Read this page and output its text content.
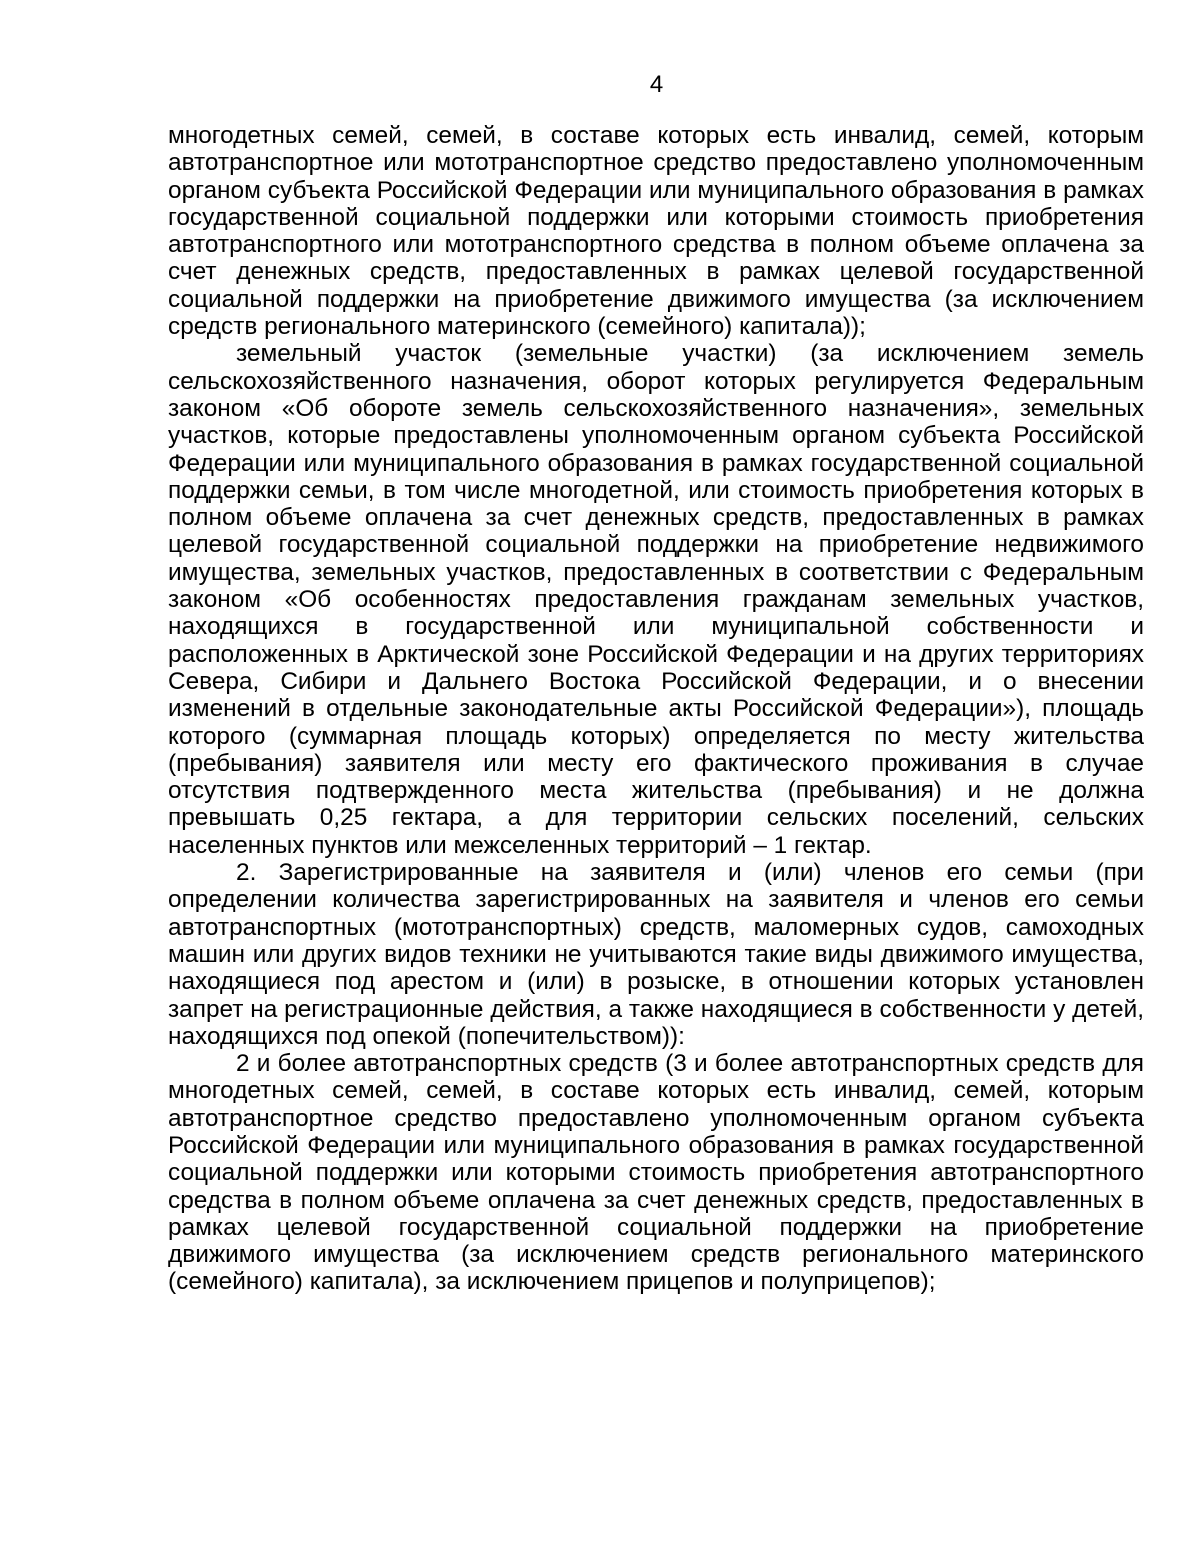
4

многодетных семей, семей, в составе которых есть инвалид, семей, которым автотранспортное или мототранспортное средство предоставлено уполномоченным органом субъекта Российской Федерации или муниципального образования в рамках государственной социальной поддержки или которыми стоимость приобретения автотранспортного или мототранспортного средства в полном объеме оплачена за счет денежных средств, предоставленных в рамках целевой государственной социальной поддержки на приобретение движимого имущества (за исключением средств регионального материнского (семейного) капитала));

земельный участок (земельные участки) (за исключением земель сельскохозяйственного назначения, оборот которых регулируется Федеральным законом «Об обороте земель сельскохозяйственного назначения», земельных участков, которые предоставлены уполномоченным органом субъекта Российской Федерации или муниципального образования в рамках государственной социальной поддержки семьи, в том числе многодетной, или стоимость приобретения которых в полном объеме оплачена за счет денежных средств, предоставленных в рамках целевой государственной социальной поддержки на приобретение недвижимого имущества, земельных участков, предоставленных в соответствии с Федеральным законом «Об особенностях предоставления гражданам земельных участков, находящихся в государственной или муниципальной собственности и расположенных в Арктической зоне Российской Федерации и на других территориях Севера, Сибири и Дальнего Востока Российской Федерации, и о внесении изменений в отдельные законодательные акты Российской Федерации»), площадь которого (суммарная площадь которых) определяется по месту жительства (пребывания) заявителя или месту его фактического проживания в случае отсутствия подтвержденного места жительства (пребывания) и не должна превышать 0,25 гектара, а для территории сельских поселений, сельских населенных пунктов или межселенных территорий – 1 гектар.

2. Зарегистрированные на заявителя и (или) членов его семьи (при определении количества зарегистрированных на заявителя и членов его семьи автотранспортных (мототранспортных) средств, маломерных судов, самоходных машин или других видов техники не учитываются такие виды движимого имущества, находящиеся под арестом и (или) в розыске, в отношении которых установлен запрет на регистрационные действия, а также находящиеся в собственности у детей, находящихся под опекой (попечительством)):

2 и более автотранспортных средств (3 и более автотранспортных средств для многодетных семей, семей, в составе которых есть инвалид, семей, которым автотранспортное средство предоставлено уполномоченным органом субъекта Российской Федерации или муниципального образования в рамках государственной социальной поддержки или которыми стоимость приобретения автотранспортного средства в полном объеме оплачена за счет денежных средств, предоставленных в рамках целевой государственной социальной поддержки на приобретение движимого имущества (за исключением средств регионального материнского (семейного) капитала), за исключением прицепов и полуприцепов);
